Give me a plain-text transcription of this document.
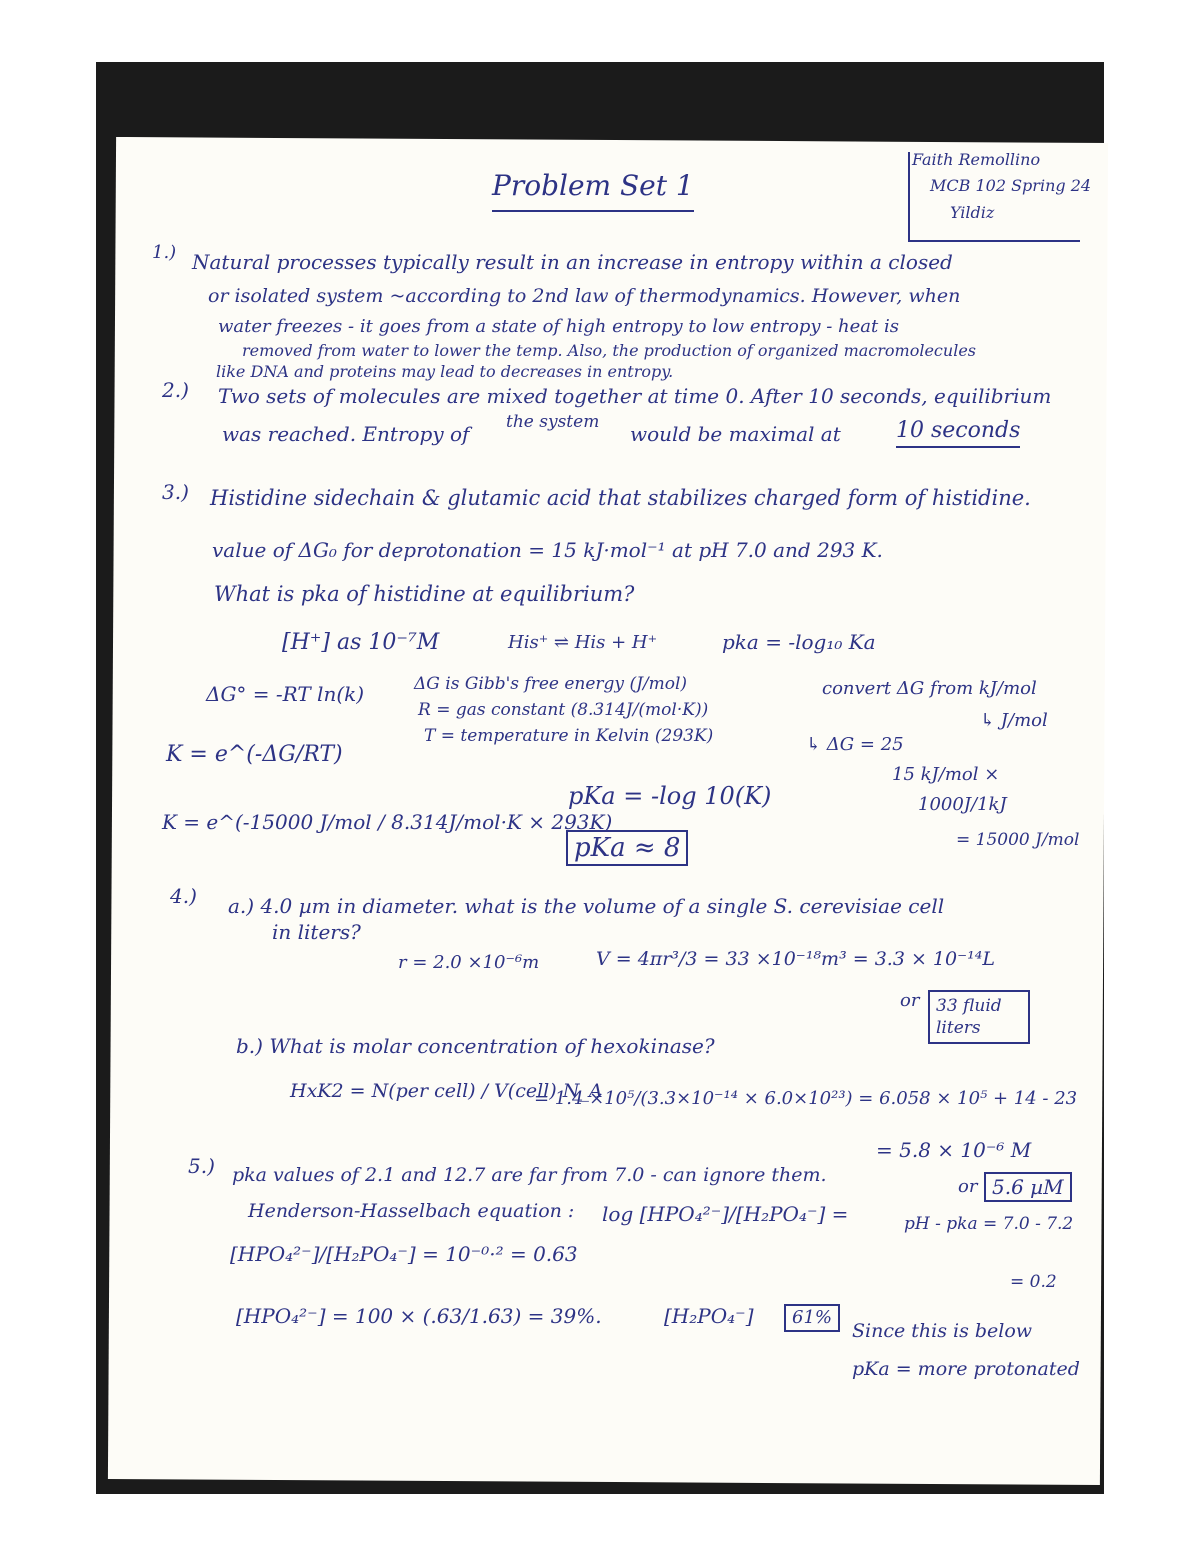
Problem Set 1
Faith Remollino
MCB 102 Spring 24
Yildiz
1.) Natural processes typically result in an increase in entropy within a closed
or isolated system ~according to 2nd law of thermodynamics. However, when
water freezes - it goes from a state of high entropy to low entropy - heat is
removed from water to lower the temp. Also, the production of organized macromolecules
like DNA and proteins may lead to decreases in entropy.
2.) Two sets of molecules are mixed together at time 0. After 10 seconds, equilibrium
was reached. Entropy of the system would be maximal at	10 seconds
3.) Histidine sidechain & glutamic acid that stabilizes charged form of histidine.
value of ΔG₀ for deprotonation = 15 kJ·mol⁻¹ at pH 7.0 and 293 K.
What is pka of histidine at equilibrium?
[H⁺] as 10⁻⁷M	His⁺ ⇌ His + H⁺	pka = -log₁₀ Ka
ΔG° = -RT ln(k)	ΔG is Gibb's free energy (J/mol)
R = gas constant (8.314J/(mol·K))
T = temperature in Kelvin (293K)
convert ΔG from kJ/mol
↳ J/mol
↳ ΔG = 25
15 kJ/mol ×
1000J/1kJ
= 15000 J/mol
K = e^(-ΔG/RT)
K = e^(-15000 J/mol / 8.314J/mol·K × 293K)
pKa = -log 10(K)
pKa ≈ 8
4.) a.) 4.0 µm in diameter. what is the volume of a single S. cerevisiae cell
in liters?
r = 2.0 ×10⁻⁶m	V = 4πr³/3 = 33 ×10⁻¹⁸m³ = 3.3 × 10⁻¹⁴L
or 33 fluid liters
b.) What is molar concentration of hexokinase?
HxK2 = N(per cell) / V(cell) N_A
= 1.4 ×10⁵/(3.3×10⁻¹⁴ × 6.0×10²³) = 6.058 × 10⁵ + 14 - 23
= 5.8 × 10⁻⁶ M
or 5.6 µM
5.) pka values of 2.1 and 12.7 are far from 7.0 - can ignore them.
Henderson-Hasselbach equation : log [HPO₄²⁻]/[H₂PO₄⁻] =	pH - pka = 7.0 - 7.2
= 0.2
[HPO₄²⁻]/[H₂PO₄⁻] = 10⁻⁰·² = 0.63
[HPO₄²⁻] = 100 × (.63/1.63) = 39%.	[H₂PO₄⁻]	61%
Since this is below
pKa = more protonated
